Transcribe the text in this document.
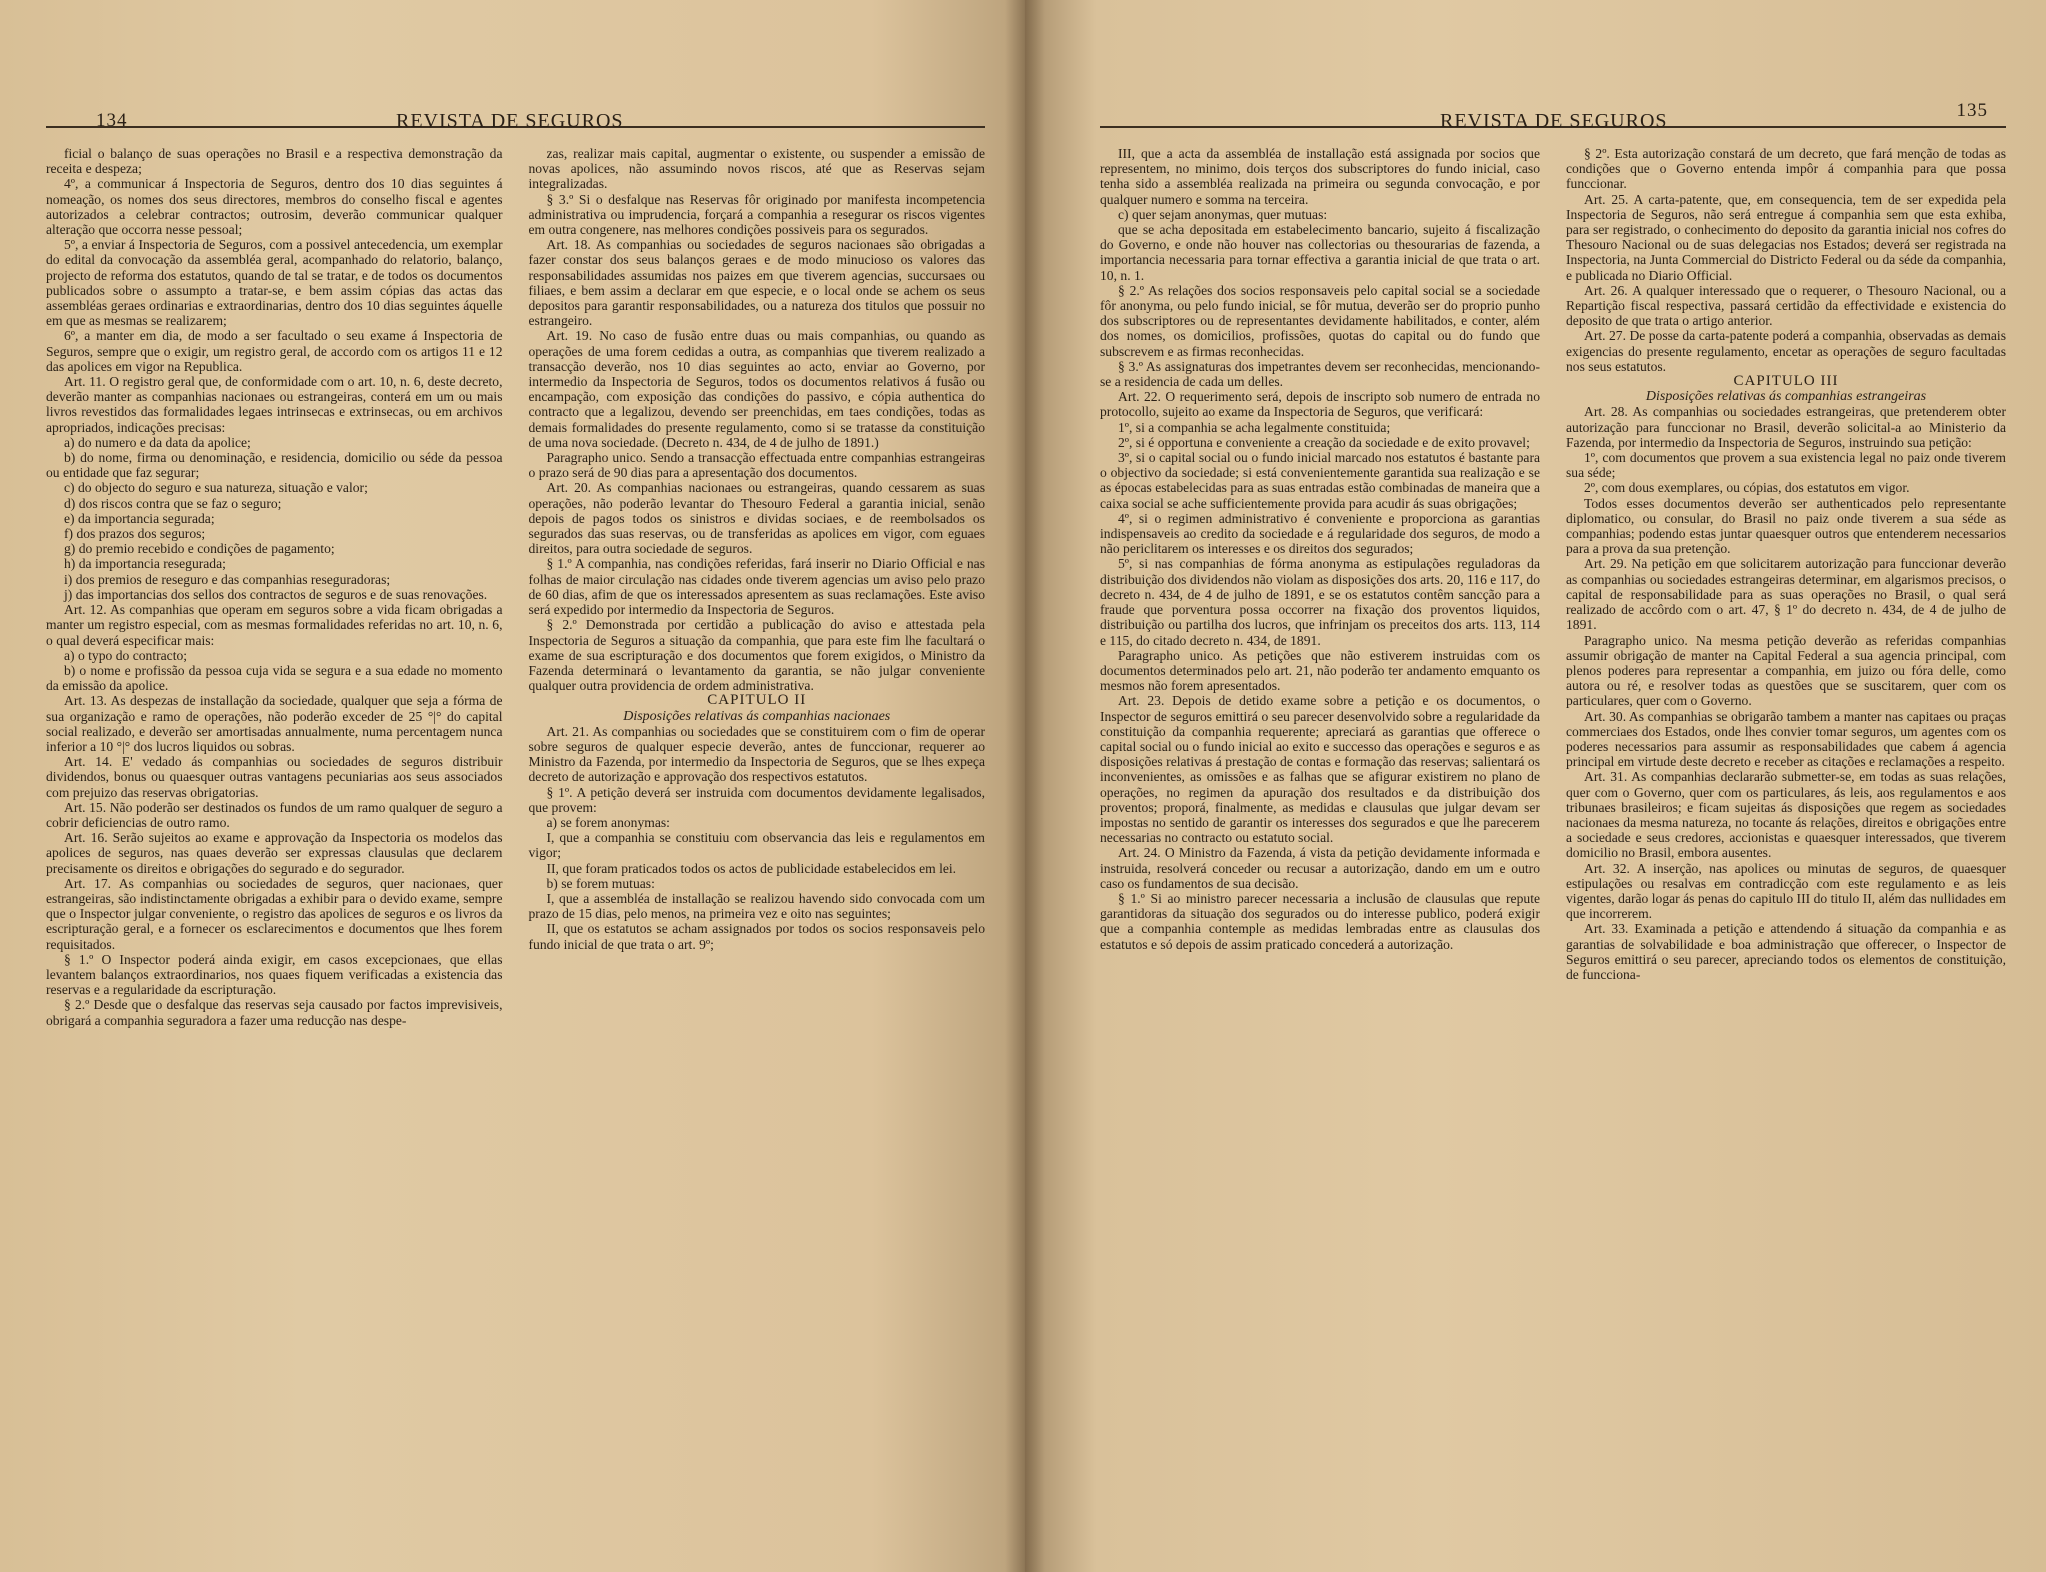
134	REVISTA DE SEGUROS

ficial o balanço de suas operações no Brasil e a respectiva demonstração da receita e despeza;

4º, a communicar á Inspectoria de Seguros, dentro dos 10 dias seguintes á nomeação, os nomes dos seus directores, membros do conselho fiscal e agentes autorizados a celebrar contractos; outrosim, deverão communicar qualquer alteração que occorra nesse pessoal;

5º, a enviar á Inspectoria de Seguros, com a possivel antecedencia, um exemplar do edital da convocação da assembléa geral, acompanhado do relatorio, balanço, projecto de reforma dos estatutos, quando de tal se tratar, e de todos os documentos publicados sobre o assumpto a tratar-se, e bem assim cópias das actas das assembléas geraes ordinarias e extraordinarias, dentro dos 10 dias seguintes áquelle em que as mesmas se realizarem;

6º, a manter em dia, de modo a ser facultado o seu exame á Inspectoria de Seguros, sempre que o exigir, um registro geral, de accordo com os artigos 11 e 12 das apolices em vigor na Republica.

Art. 11. O registro geral que, de conformidade com o art. 10, n. 6, deste decreto, deverão manter as companhias nacionaes ou estrangeiras, conterá em um ou mais livros revestidos das formalidades legaes intrinsecas e extrinsecas, ou em archivos apropriados, indicações precisas:

a) do numero e da data da apolice;

b) do nome, firma ou denominação, e residencia, domicilio ou séde da pessoa ou entidade que faz segurar;

c) do objecto do seguro e sua natureza, situação e valor;

d) dos riscos contra que se faz o seguro;

e) da importancia segurada;

f) dos prazos dos seguros;

g) do premio recebido e condições de pagamento;

h) da importancia resegurada;

i) dos premios de reseguro e das companhias reseguradoras;

j) das importancias dos sellos dos contractos de seguros e de suas renovações.

Art. 12. As companhias que operam em seguros sobre a vida ficam obrigadas a manter um registro especial, com as mesmas formalidades referidas no art. 10, n. 6, o qual deverá especificar mais:

a) o typo do contracto;

b) o nome e profissão da pessoa cuja vida se segura e a sua edade no momento da emissão da apolice.

Art. 13. As despezas de installação da sociedade, qualquer que seja a fórma de sua organização e ramo de operações, não poderão exceder de 25 °|° do capital social realizado, e deverão ser amortisadas annualmente, numa percentagem nunca inferior a 10 °|° dos lucros liquidos ou sobras.

Art. 14. E' vedado ás companhias ou sociedades de seguros distribuir dividendos, bonus ou quaesquer outras vantagens pecuniarias aos seus associados com prejuizo das reservas obrigatorias.

Art. 15. Não poderão ser destinados os fundos de um ramo qualquer de seguro a cobrir deficiencias de outro ramo.

Art. 16. Serão sujeitos ao exame e approvação da Inspectoria os modelos das apolices de seguros, nas quaes deverão ser expressas clausulas que declarem precisamente os direitos e obrigações do segurado e do segurador.

Art. 17. As companhias ou sociedades de seguros, quer nacionaes, quer estrangeiras, são indistinctamente obrigadas a exhibir para o devido exame, sempre que o Inspector julgar conveniente, o registro das apolices de seguros e os livros da escripturação geral, e a fornecer os esclarecimentos e documentos que lhes forem requisitados.

§ 1.º O Inspector poderá ainda exigir, em casos excepcionaes, que ellas levantem balanços extraordinarios, nos quaes fiquem verificadas a existencia das reservas e a regularidade da escripturação.

§ 2.º Desde que o desfalque das reservas seja causado por factos imprevisiveis, obrigará a companhia seguradora a fazer uma reducção nas despe-

zas, realizar mais capital, augmentar o existente, ou suspender a emissão de novas apolices, não assumindo novos riscos, até que as Reservas sejam integralizadas.

§ 3.º Si o desfalque nas Reservas fôr originado por manifesta incompetencia administrativa ou imprudencia, forçará a companhia a resegurar os riscos vigentes em outra congenere, nas melhores condições possiveis para os segurados.

Art. 18. As companhias ou sociedades de seguros nacionaes são obrigadas a fazer constar dos seus balanços geraes e de modo minucioso os valores das responsabilidades assumidas nos paizes em que tiverem agencias, succursaes ou filiaes, e bem assim a declarar em que especie, e o local onde se achem os seus depositos para garantir responsabilidades, ou a natureza dos titulos que possuir no estrangeiro.

Art. 19. No caso de fusão entre duas ou mais companhias, ou quando as operações de uma forem cedidas a outra, as companhias que tiverem realizado a transacção deverão, nos 10 dias seguintes ao acto, enviar ao Governo, por intermedio da Inspectoria de Seguros, todos os documentos relativos á fusão ou encampação, com exposição das condições do passivo, e cópia authentica do contracto que a legalizou, devendo ser preenchidas, em taes condições, todas as demais formalidades do presente regulamento, como si se tratasse da constituição de uma nova sociedade. (Decreto n. 434, de 4 de julho de 1891.)

Paragrapho unico. Sendo a transacção effectuada entre companhias estrangeiras o prazo será de 90 dias para a apresentação dos documentos.

Art. 20. As companhias nacionaes ou estrangeiras, quando cessarem as suas operações, não poderão levantar do Thesouro Federal a garantia inicial, senão depois de pagos todos os sinistros e dividas sociaes, e de reembolsados os segurados das suas reservas, ou de transferidas as apolices em vigor, com eguaes direitos, para outra sociedade de seguros.

§ 1.º A companhia, nas condições referidas, fará inserir no Diario Official e nas folhas de maior circulação nas cidades onde tiverem agencias um aviso pelo prazo de 60 dias, afim de que os interessados apresentem as suas reclamações. Este aviso será expedido por intermedio da Inspectoria de Seguros.

§ 2.º Demonstrada por certidão a publicação do aviso e attestada pela Inspectoria de Seguros a situação da companhia, que para este fim lhe facultará o exame de sua escripturação e dos documentos que forem exigidos, o Ministro da Fazenda determinará o levantamento da garantia, se não julgar conveniente qualquer outra providencia de ordem administrativa.

CAPITULO II

Disposições relativas ás companhias nacionaes

Art. 21. As companhias ou sociedades que se constituirem com o fim de operar sobre seguros de qualquer especie deverão, antes de funccionar, requerer ao Ministro da Fazenda, por intermedio da Inspectoria de Seguros, que se lhes expeça decreto de autorização e approvação dos respectivos estatutos.

§ 1º. A petição deverá ser instruida com documentos devidamente legalisados, que provem:

a) se forem anonymas:

I, que a companhia se constituiu com observancia das leis e regulamentos em vigor;

II, que foram praticados todos os actos de publicidade estabelecidos em lei.

b) se forem mutuas:

I, que a assembléa de installação se realizou havendo sido convocada com um prazo de 15 dias, pelo menos, na primeira vez e oito nas seguintes;

II, que os estatutos se acham assignados por todos os socios responsaveis pelo fundo inicial de que trata o art. 9º;

REVISTA DE SEGUROS	135

III, que a acta da assembléa de installação está assignada por socios que representem, no minimo, dois terços dos subscriptores do fundo inicial, caso tenha sido a assembléa realizada na primeira ou segunda convocação, e por qualquer numero e somma na terceira.

c) quer sejam anonymas, quer mutuas:

que se acha depositada em estabelecimento bancario, sujeito á fiscalização do Governo, e onde não houver nas collectorias ou thesourarias de fazenda, a importancia necessaria para tornar effectiva a garantia inicial de que trata o art. 10, n. 1.

§ 2.º As relações dos socios responsaveis pelo capital social se a sociedade fôr anonyma, ou pelo fundo inicial, se fôr mutua, deverão ser do proprio punho dos subscriptores ou de representantes devidamente habilitados, e conter, além dos nomes, os domicilios, profissões, quotas do capital ou do fundo que subscrevem e as firmas reconhecidas.

§ 3.º As assignaturas dos impetrantes devem ser reconhecidas, mencionando-se a residencia de cada um delles.

Art. 22. O requerimento será, depois de inscripto sob numero de entrada no protocollo, sujeito ao exame da Inspectoria de Seguros, que verificará:

1º, si a companhia se acha legalmente constituida;

2º, si é opportuna e conveniente a creação da sociedade e de exito provavel;

3º, si o capital social ou o fundo inicial marcado nos estatutos é bastante para o objectivo da sociedade; si está convenientemente garantida sua realização e se as épocas estabelecidas para as suas entradas estão combinadas de maneira que a caixa social se ache sufficientemente provida para acudir ás suas obrigações;

4º, si o regimen administrativo é conveniente e proporciona as garantias indispensaveis ao credito da sociedade e á regularidade dos seguros, de modo a não periclitarem os interesses e os direitos dos segurados;

5º, si nas companhias de fórma anonyma as estipulações reguladoras da distribuição dos dividendos não violam as disposições dos arts. 20, 116 e 117, do decreto n. 434, de 4 de julho de 1891, e se os estatutos contêm sancção para a fraude que porventura possa occorrer na fixação dos proventos liquidos, distribuição ou partilha dos lucros, que infrinjam os preceitos dos arts. 113, 114 e 115, do citado decreto n. 434, de 1891.

Paragrapho unico. As petições que não estiverem instruidas com os documentos determinados pelo art. 21, não poderão ter andamento emquanto os mesmos não forem apresentados.

Art. 23. Depois de detido exame sobre a petição e os documentos, o Inspector de seguros emittirá o seu parecer desenvolvido sobre a regularidade da constituição da companhia requerente; apreciará as garantias que offerece o capital social ou o fundo inicial ao exito e successo das operações e seguros e as disposições relativas á prestação de contas e formação das reservas; salientará os inconvenientes, as omissões e as falhas que se afigurar existirem no plano de operações, no regimen da apuração dos resultados e da distribuição dos proventos; proporá, finalmente, as medidas e clausulas que julgar devam ser impostas no sentido de garantir os interesses dos segurados e que lhe parecerem necessarias no contracto ou estatuto social.

Art. 24. O Ministro da Fazenda, á vista da petição devidamente informada e instruida, resolverá conceder ou recusar a autorização, dando em um e outro caso os fundamentos de sua decisão.

§ 1.º Si ao ministro parecer necessaria a inclusão de clausulas que repute garantidoras da situação dos segurados ou do interesse publico, poderá exigir que a companhia contemple as medidas lembradas entre as clausulas dos estatutos e só depois de assim praticado concederá a autorização.

§ 2º. Esta autorização constará de um decreto, que fará menção de todas as condições que o Governo entenda impôr á companhia para que possa funccionar.

Art. 25. A carta-patente, que, em consequencia, tem de ser expedida pela Inspectoria de Seguros, não será entregue á companhia sem que esta exhiba, para ser registrado, o conhecimento do deposito da garantia inicial nos cofres do Thesouro Nacional ou de suas delegacias nos Estados; deverá ser registrada na Inspectoria, na Junta Commercial do Districto Federal ou da séde da companhia, e publicada no Diario Official.

Art. 26. A qualquer interessado que o requerer, o Thesouro Nacional, ou a Repartição fiscal respectiva, passará certidão da effectividade e existencia do deposito de que trata o artigo anterior.

Art. 27. De posse da carta-patente poderá a companhia, observadas as demais exigencias do presente regulamento, encetar as operações de seguro facultadas nos seus estatutos.

CAPITULO III

Disposições relativas ás companhias estrangeiras

Art. 28. As companhias ou sociedades estrangeiras, que pretenderem obter autorização para funccionar no Brasil, deverão solicital-a ao Ministerio da Fazenda, por intermedio da Inspectoria de Seguros, instruindo sua petição:

1º, com documentos que provem a sua existencia legal no paiz onde tiverem sua séde;

2º, com dous exemplares, ou cópias, dos estatutos em vigor.

Todos esses documentos deverão ser authenticados pelo representante diplomatico, ou consular, do Brasil no paiz onde tiverem a sua séde as companhias; podendo estas juntar quaesquer outros que entenderem necessarios para a prova da sua pretenção.

Art. 29. Na petição em que solicitarem autorização para funccionar deverão as companhias ou sociedades estrangeiras determinar, em algarismos precisos, o capital de responsabilidade para as suas operações no Brasil, o qual será realizado de accôrdo com o art. 47, § 1º do decreto n. 434, de 4 de julho de 1891.

Paragrapho unico. Na mesma petição deverão as referidas companhias assumir obrigação de manter na Capital Federal a sua agencia principal, com plenos poderes para representar a companhia, em juizo ou fóra delle, como autora ou ré, e resolver todas as questões que se suscitarem, quer com os particulares, quer com o Governo.

Art. 30. As companhias se obrigarão tambem a manter nas capitaes ou praças commerciaes dos Estados, onde lhes convier tomar seguros, um agentes com os poderes necessarios para assumir as responsabilidades que cabem á agencia principal em virtude deste decreto e receber as citações e reclamações a respeito.

Art. 31. As companhias declararão submetter-se, em todas as suas relações, quer com o Governo, quer com os particulares, ás leis, aos regulamentos e aos tribunaes brasileiros; e ficam sujeitas ás disposições que regem as sociedades nacionaes da mesma natureza, no tocante ás relações, direitos e obrigações entre a sociedade e seus credores, accionistas e quaesquer interessados, que tiverem domicilio no Brasil, embora ausentes.

Art. 32. A inserção, nas apolices ou minutas de seguros, de quaesquer estipulações ou resalvas em contradicção com este regulamento e as leis vigentes, darão logar ás penas do capitulo III do titulo II, além das nullidades em que incorrerem.

Art. 33. Examinada a petição e attendendo á situação da companhia e as garantias de solvabilidade e boa administração que offerecer, o Inspector de Seguros emittirá o seu parecer, apreciando todos os elementos de constituição, de funcciona-
